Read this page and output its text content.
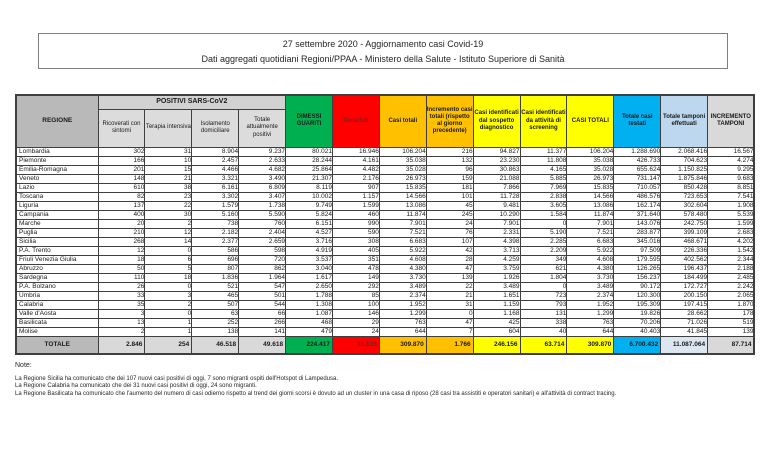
27 settembre 2020 - Aggiornamento casi Covid-19
Dati aggregati quotidiani Regioni/PPAA - Ministero della Salute - Istituto Superiore di Sanità
REGIONE	POSITIVI SARS-CoV2				DIMESSI GUARITI	Deceduti	Casi totali	Incremento casi totali (rispetto al giorno precedente)	Casi identificati dal sospetto diagnostico	Casi identificati da attività di screening	CASI TOTALI	Totale casi testati	Totale tamponi effettuati	INCREMENTO TAMPONI
	Ricoverati con sintomi	Terapia intensiva	Isolamento domiciliare	Totale attualmente positivi										
Lombardia	302	31	8.904	9.237	80.021	16.946	106.204	216	94.827	11.377	106.204	1.288.690	2.068.416	16.567
Piemonte	166	10	2.457	2.633	28.244	4.161	35.038	132	23.230	11.808	35.038	426.733	704.623	4.274
Emilia-Romagna	201	15	4.466	4.682	25.864	4.482	35.028	96	30.863	4.165	35.028	655.624	1.150.825	9.295
Veneto	148	21	3.321	3.490	21.307	2.176	26.973	159	21.088	5.885	26.973	731.147	1.875.846	9.683
Lazio	610	38	6.161	6.809	8.119	907	15.835	181	7.866	7.969	15.835	710.057	850.428	8.851
Toscana	82	23	3.302	3.407	10.002	1.157	14.566	101	11.728	2.838	14.566	486.576	723.653	7.541
Liguria	137	22	1.579	1.738	9.749	1.599	13.086	45	9.481	3.605	13.086	162.174	302.604	1.908
Campania	400	30	5.160	5.590	5.824	460	11.874	245	10.290	1.584	11.874	371.640	578.480	5.539
Marche	20	2	738	760	6.151	990	7.901	24	7.901	0	7.901	143.076	242.750	1.599
Puglia	210	12	2.182	2.404	4.527	590	7.521	76	2.331	5.190	7.521	283.877	399.109	2.683
Sicilia	268	14	2.377	2.659	3.716	308	6.683	107	4.398	2.285	6.683	345.016	468.671	4.202
P.A. Trento	12	0	586	598	4.919	405	5.922	42	3.713	2.209	5.922	97.509	226.336	1.542
Friuli Venezia Giulia	18	6	696	720	3.537	351	4.608	28	4.259	349	4.608	179.595	402.562	2.344
Abruzzo	50	5	807	862	3.040	478	4.380	47	3.759	621	4.380	126.265	196.437	2.188
Sardegna	110	18	1.836	1.964	1.617	149	3.730	139	1.926	1.804	3.730	156.237	184.499	2.485
P.A. Bolzano	26	0	521	547	2.650	292	3.489	22	3.489	0	3.489	90.172	172.727	2.242
Umbria	33	3	465	501	1.788	85	2.374	21	1.651	723	2.374	120.300	200.150	2.065
Calabria	35	2	507	544	1.308	100	1.952	31	1.159	793	1.952	195.309	197.415	1.870
Valle d'Aosta	3	0	63	66	1.087	146	1.299	0	1.168	131	1.299	19.826	28.662	178
Basilicata	13	1	252	266	468	29	763	47	425	338	763	70.206	71.026	519
Molise	2	1	138	141	479	24	644	7	604	40	644	40.403	41.845	139
TOTALE	2.846	254	46.518	49.618	224.417	35.835	309.870	1.766	246.156	63.714	309.870	6.700.432	11.087.064	87.714
Note:
La Regione Sicilia ha comunicato che dei 107 nuovi casi positivi di oggi, 7 sono migranti ospiti dell'Hotspot di Lampedusa.
La Regione Calabria ha comunicato che dei 31 nuovi casi positivi di oggi, 24 sono migranti.
La Regione Basilicata ha comunicato che l'aumento del numero di casi odierno rispetto al trend dei giorni scorsi è dovuto ad un cluster in una casa di riposo (28 casi tra assistiti e operatori sanitari) e all'attività di contract tracing.
